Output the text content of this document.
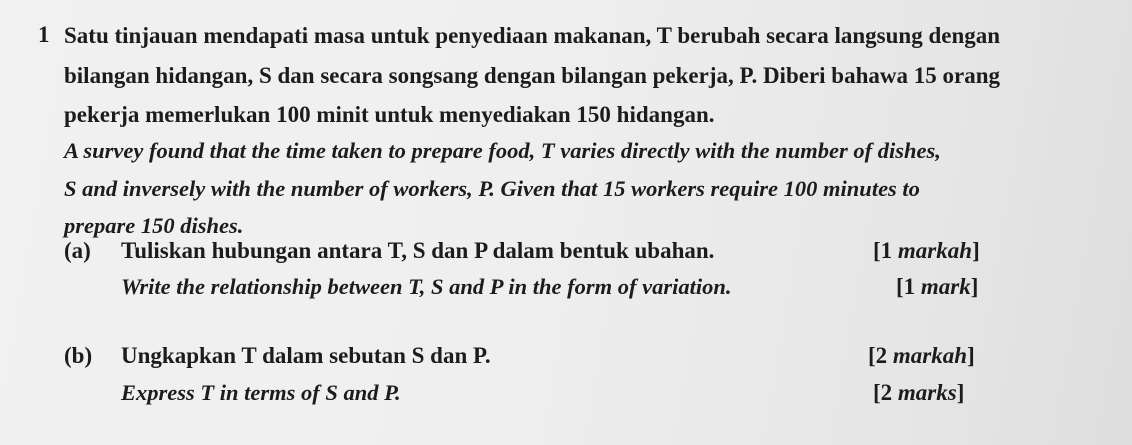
1 Satu tinjauan mendapati masa untuk penyediaan makanan, T berubah secara langsung dengan
bilangan hidangan, S dan secara songsang dengan bilangan pekerja, P. Diberi bahawa 15 orang
pekerja memerlukan 100 minit untuk menyediakan 150 hidangan.
A survey found that the time taken to prepare food, T varies directly with the number of dishes,
S and inversely with the number of workers, P. Given that 15 workers require 100 minutes to
prepare 150 dishes.
(a) Tuliskan hubungan antara T, S dan P dalam bentuk ubahan.	[1 markah]
Write the relationship between T, S and P in the form of variation.	[1 mark]
(b) Ungkapkan T dalam sebutan S dan P.	[2 markah]
Express T in terms of S and P.	[2 marks]
